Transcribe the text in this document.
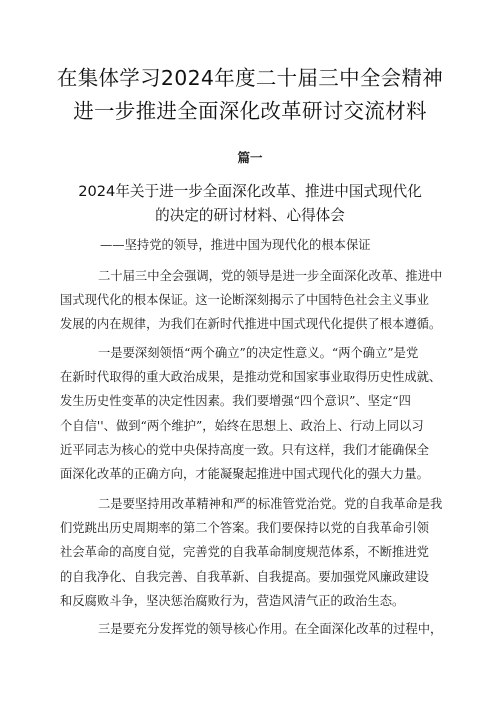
在集体学习2024年度二十届三中全会精神
进一步推进全面深化改革研讨交流材料
篇一
2024年关于进一步全面深化改革、推进中国式现代化
的决定的研讨材料、心得体会
——坚持党的领导，推进中国为现代化的根本保证
二十届三中全会强调，党的领导是进一步全面深化改革、推进中
国式现代化的根本保证。这一论断深刻揭示了中国特色社会主义事业
发展的内在规律，为我们在新时代推进中国式现代化提供了根本遵循。
一是要深刻领悟“两个确立”的决定性意义。“两个确立”是党
在新时代取得的重大政治成果，是推动党和国家事业取得历史性成就、
发生历史性变革的决定性因素。我们要增强“四个意识”、坚定“四
个自信''、做到“两个维护”，始终在思想上、政治上、行动上同以习
近平同志为核心的党中央保持高度一致。只有这样，我们才能确保全
面深化改革的正确方向，才能凝聚起推进中国式现代化的强大力量。
二是要坚持用改革精神和严的标准管党治党。党的自我革命是我
们党跳出历史周期率的第二个答案。我们要保持以党的自我革命引领
社会革命的高度自觉，完善党的自我革命制度规范体系，不断推进党
的自我净化、自我完善、自我革新、自我提高。要加强党风廉政建设
和反腐败斗争，坚决惩治腐败行为，营造风清气正的政治生态。
三是要充分发挥党的领导核心作用。在全面深化改革的过程中，
